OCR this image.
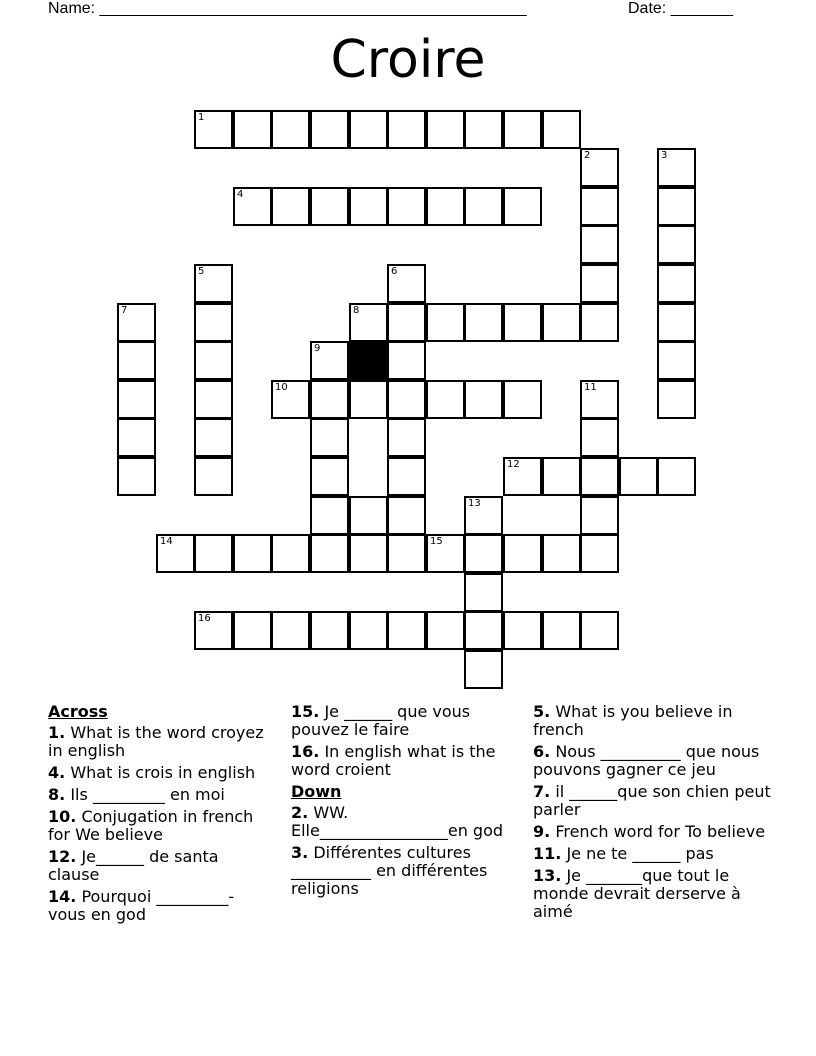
Name: ________________________________________________	Date: _______
Croire
1
2	3
4
5	6
7	8
9
10	11
12
13
14	15
16
Across
1. What is the word croyez in english
4. What is crois in english
8. Ils _________ en moi
10. Conjugation in french for We believe
12. Je______ de santa clause
14. Pourquoi _________-vous en god
15. Je ______ que vous pouvez le faire
16. In english what is the word croient
Down
2. WW. Elle________________en god
3. Différentes cultures __________ en différentes religions
5. What is you believe in french
6. Nous __________ que nous pouvons gagner ce jeu
7. il ______que son chien peut parler
9. French word for To believe
11. Je ne te ______ pas
13. Je _______que tout le monde devrait derserve à aimé
